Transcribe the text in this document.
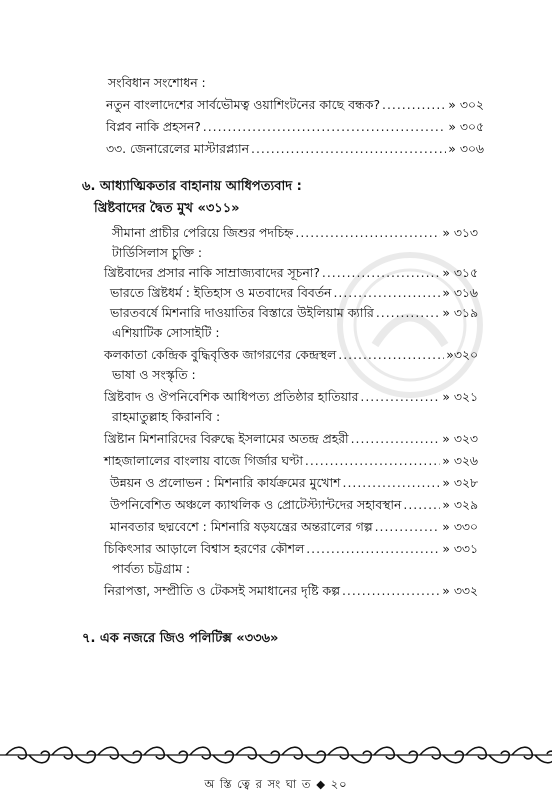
সংবিধান সংশোধন :
নতুন বাংলাদেশের সার্বভৌমত্ব ওয়াশিংটনের কাছে বন্ধক? .....	» ৩০২
বিপ্লব নাকি প্রহসন? .....	» ৩০৫
৩৩. জেনারেলের মাস্টারপ্ল্যান .....	» ৩০৬
৬. আধ্যাত্মিকতার বাহানায় আধিপত্যবাদ :
খ্রিষ্টবাদের দ্বৈত মুখ «৩১১»
সীমানা প্রাচীর পেরিয়ে জিশুর পদচিহ্ন .....	» ৩১৩
টার্ডিসিলাস চুক্তি :
খ্রিষ্টবাদের প্রসার নাকি সাম্রাজ্যবাদের সূচনা? .....	» ৩১৫
ভারতে খ্রিষ্টধর্ম : ইতিহাস ও মতবাদের বিবর্তন .....	» ৩১৬
ভারতবর্ষে মিশনারি দাওয়াতির বিস্তারে উইলিয়াম ক্যারি .....	» ৩১৯
এশিয়াটিক সোসাইটি :
কলকাতা কেন্দ্রিক বুদ্ধিবৃত্তিক জাগরণের কেন্দ্রস্থল .....	»৩২০
ভাষা ও সংস্কৃতি :
খ্রিষ্টবাদ ও ঔপনিবেশিক আধিপত্য প্রতিষ্ঠার হাতিয়ার .....	» ৩২১
রাহমাতুল্লাহ কিরানবি :
খ্রিষ্টান মিশনারিদের বিরুদ্ধে ইসলামের অতন্দ্র প্রহরী .....	» ৩২৩
শাহজালালের বাংলায় বাজে গির্জার ঘণ্টা .....	» ৩২৬
উন্নয়ন ও প্রলোভন : মিশনারি কার্যক্রমের মুখোশ .....	» ৩২৮
উপনিবেশিত অঞ্চলে ক্যাথলিক ও প্রোটেস্ট্যান্টদের সহাবস্থান .....	» ৩২৯
মানবতার ছদ্মবেশে : মিশনারি ষড়যন্ত্রের অন্তরালের গল্প .....	» ৩৩০
চিকিৎসার আড়ালে বিশ্বাস হরণের কৌশল .....	» ৩৩১
পার্বত্য চট্টগ্রাম :
নিরাপত্তা, সম্প্রীতি ও টেকসই সমাধানের দৃষ্টি কল্প .....	» ৩৩২
৭. এক নজরে জিও পলিটিক্স «৩৩৬»
অ স্তি ত্বে র সং ঘা ত ◆ ২০
